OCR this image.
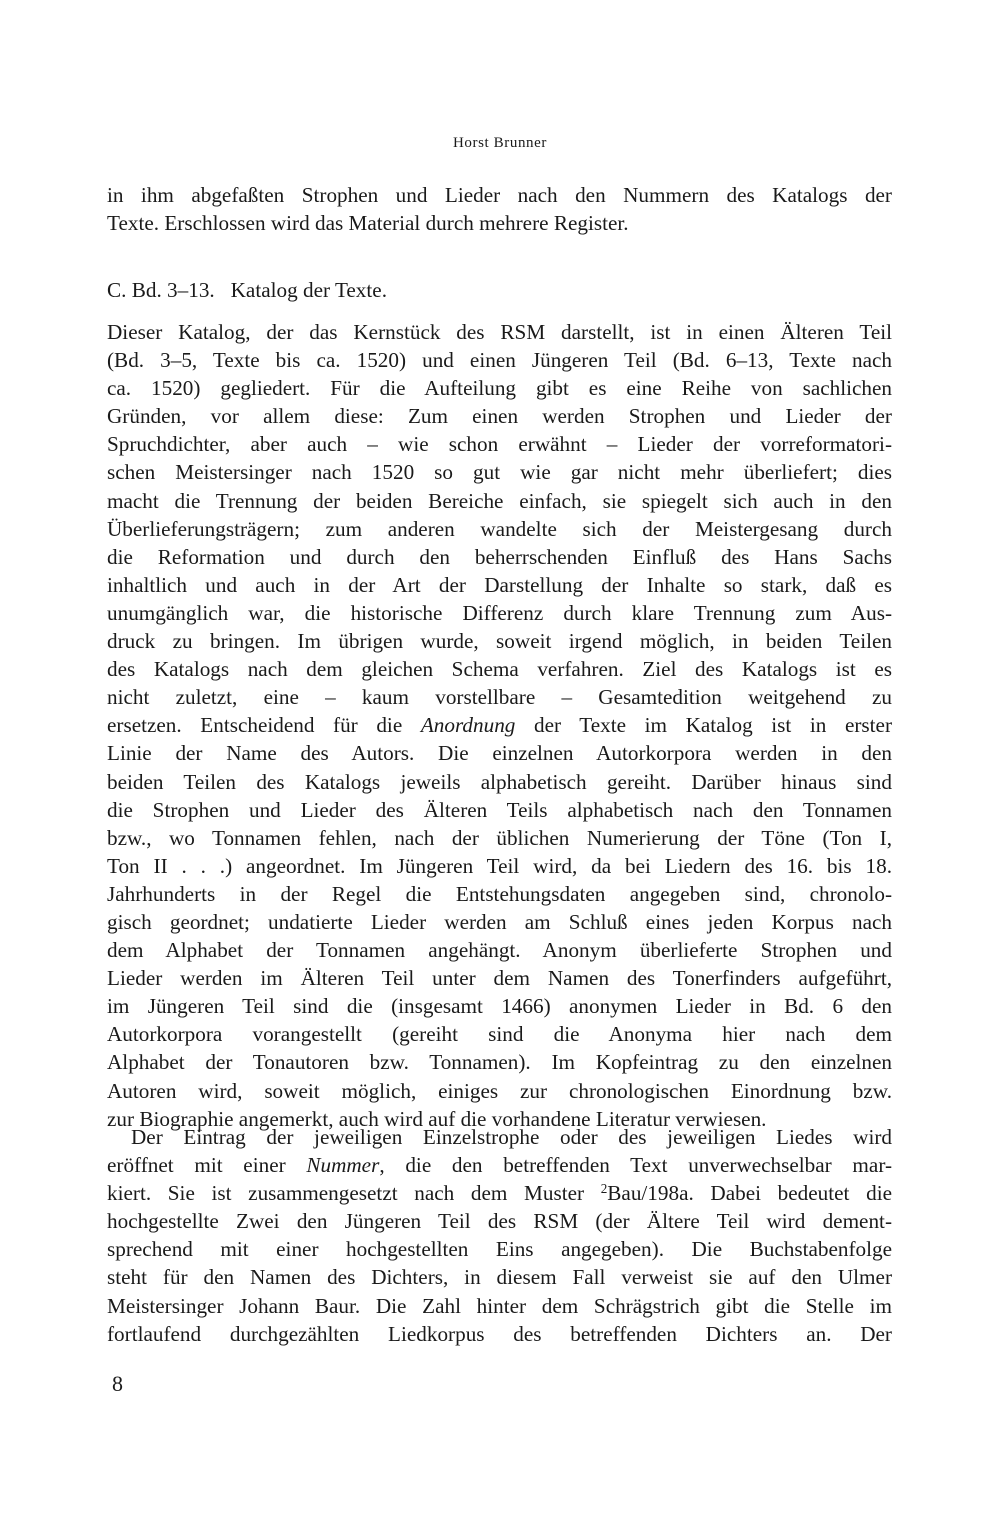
Horst Brunner
in ihm abgefaßten Strophen und Lieder nach den Nummern des Katalogs der
Texte. Erschlossen wird das Material durch mehrere Register.
C. Bd. 3–13.   Katalog der Texte.
Dieser Katalog, der das Kernstück des RSM darstellt, ist in einen Älteren Teil
(Bd. 3–5, Texte bis ca. 1520) und einen Jüngeren Teil (Bd. 6–13, Texte nach
ca. 1520) gegliedert. Für die Aufteilung gibt es eine Reihe von sachlichen
Gründen, vor allem diese: Zum einen werden Strophen und Lieder der
Spruchdichter, aber auch – wie schon erwähnt – Lieder der vorreformatori-
schen Meistersinger nach 1520 so gut wie gar nicht mehr überliefert; dies
macht die Trennung der beiden Bereiche einfach, sie spiegelt sich auch in den
Überlieferungsträgern; zum anderen wandelte sich der Meistergesang durch
die Reformation und durch den beherrschenden Einfluß des Hans Sachs
inhaltlich und auch in der Art der Darstellung der Inhalte so stark, daß es
unumgänglich war, die historische Differenz durch klare Trennung zum Aus-
druck zu bringen. Im übrigen wurde, soweit irgend möglich, in beiden Teilen
des Katalogs nach dem gleichen Schema verfahren. Ziel des Katalogs ist es
nicht zuletzt, eine – kaum vorstellbare – Gesamtedition weitgehend zu
ersetzen. Entscheidend für die Anordnung der Texte im Katalog ist in erster
Linie der Name des Autors. Die einzelnen Autorkorpora werden in den
beiden Teilen des Katalogs jeweils alphabetisch gereiht. Darüber hinaus sind
die Strophen und Lieder des Älteren Teils alphabetisch nach den Tonnamen
bzw., wo Tonnamen fehlen, nach der üblichen Numerierung der Töne (Ton I,
Ton II . . .) angeordnet. Im Jüngeren Teil wird, da bei Liedern des 16. bis 18.
Jahrhunderts in der Regel die Entstehungsdaten angegeben sind, chronolo-
gisch geordnet; undatierte Lieder werden am Schluß eines jeden Korpus nach
dem Alphabet der Tonnamen angehängt. Anonym überlieferte Strophen und
Lieder werden im Älteren Teil unter dem Namen des Tonerfinders aufgeführt,
im Jüngeren Teil sind die (insgesamt 1466) anonymen Lieder in Bd. 6 den
Autorkorpora vorangestellt (gereiht sind die Anonyma hier nach dem
Alphabet der Tonautoren bzw. Tonnamen). Im Kopfeintrag zu den einzelnen
Autoren wird, soweit möglich, einiges zur chronologischen Einordnung bzw.
zur Biographie angemerkt, auch wird auf die vorhandene Literatur verwiesen.
Der Eintrag der jeweiligen Einzelstrophe oder des jeweiligen Liedes wird
eröffnet mit einer Nummer, die den betreffenden Text unverwechselbar mar-
kiert. Sie ist zusammengesetzt nach dem Muster $^2$Bau/198a. Dabei bedeutet die
hochgestellte Zwei den Jüngeren Teil des RSM (der Ältere Teil wird dement-
sprechend mit einer hochgestellten Eins angegeben). Die Buchstabenfolge
steht für den Namen des Dichters, in diesem Fall verweist sie auf den Ulmer
Meistersinger Johann Baur. Die Zahl hinter dem Schrägstrich gibt die Stelle im
fortlaufend durchgezählten Liedkorpus des betreffenden Dichters an. Der
8
